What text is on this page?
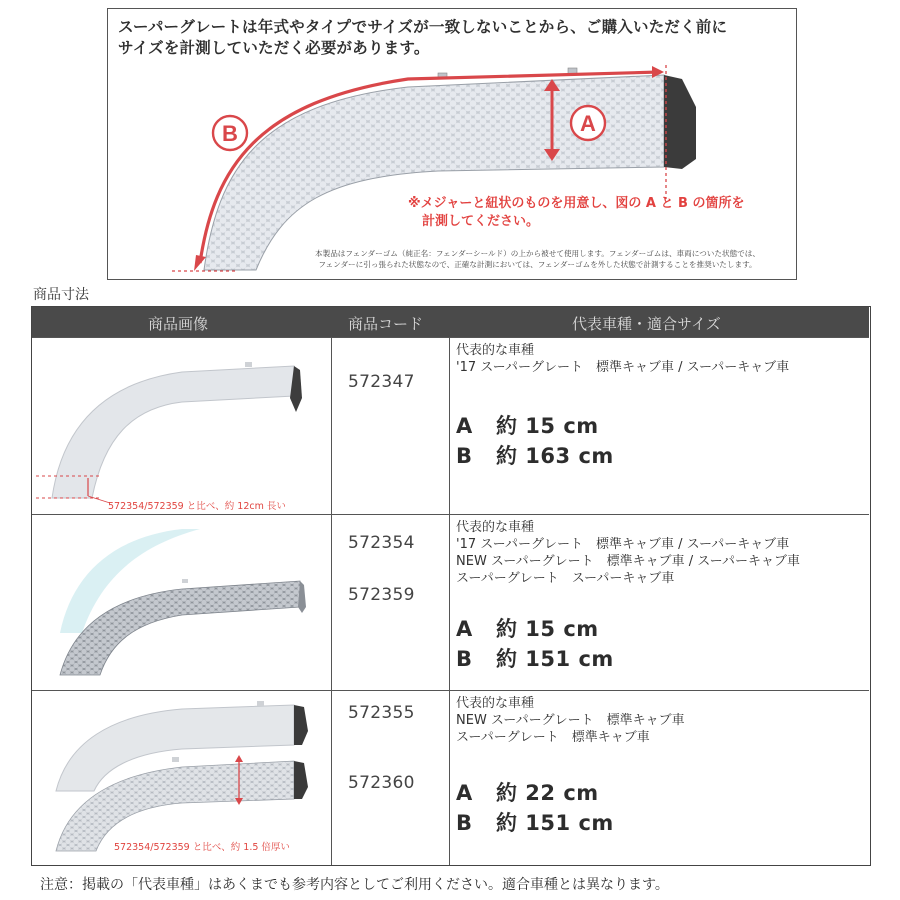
スーパーグレートは年式やタイプでサイズが一致しないことから、ご購入いただく前に
サイズを計測していただく必要があります。
A
B
※メジャーと紐状のものを用意し、図の A と B の箇所を
計測してください。
本製品はフェンダーゴム（純正名：フェンダーシールド）の上から被せて使用します。フェンダーゴムは、車両についた状態では、
フェンダーに引っ張られた状態なので、正確な計測においては、フェンダーゴムを外した状態で計測することを推奨いたします。
商品寸法
商品画像	商品コード	代表車種・適合サイズ
572354/572359 と比べ、約 12cm 長い
572347
代表的な車種
'17 スーパーグレート　標準キャブ車 / スーパーキャブ車
A 約 15 cm
B 約 163 cm
572354
572359
代表的な車種
'17 スーパーグレート　標準キャブ車 / スーパーキャブ車
NEW スーパーグレート　標準キャブ車 / スーパーキャブ車
スーパーグレート　スーパーキャブ車
A 約 15 cm
B 約 151 cm
572354/572359 と比べ、約 1.5 倍厚い
572355
572360
代表的な車種
NEW スーパーグレート　標準キャブ車
スーパーグレート　標準キャブ車
A 約 22 cm
B 約 151 cm
注意：掲載の「代表車種」はあくまでも参考内容としてご利用ください。適合車種とは異なります。
